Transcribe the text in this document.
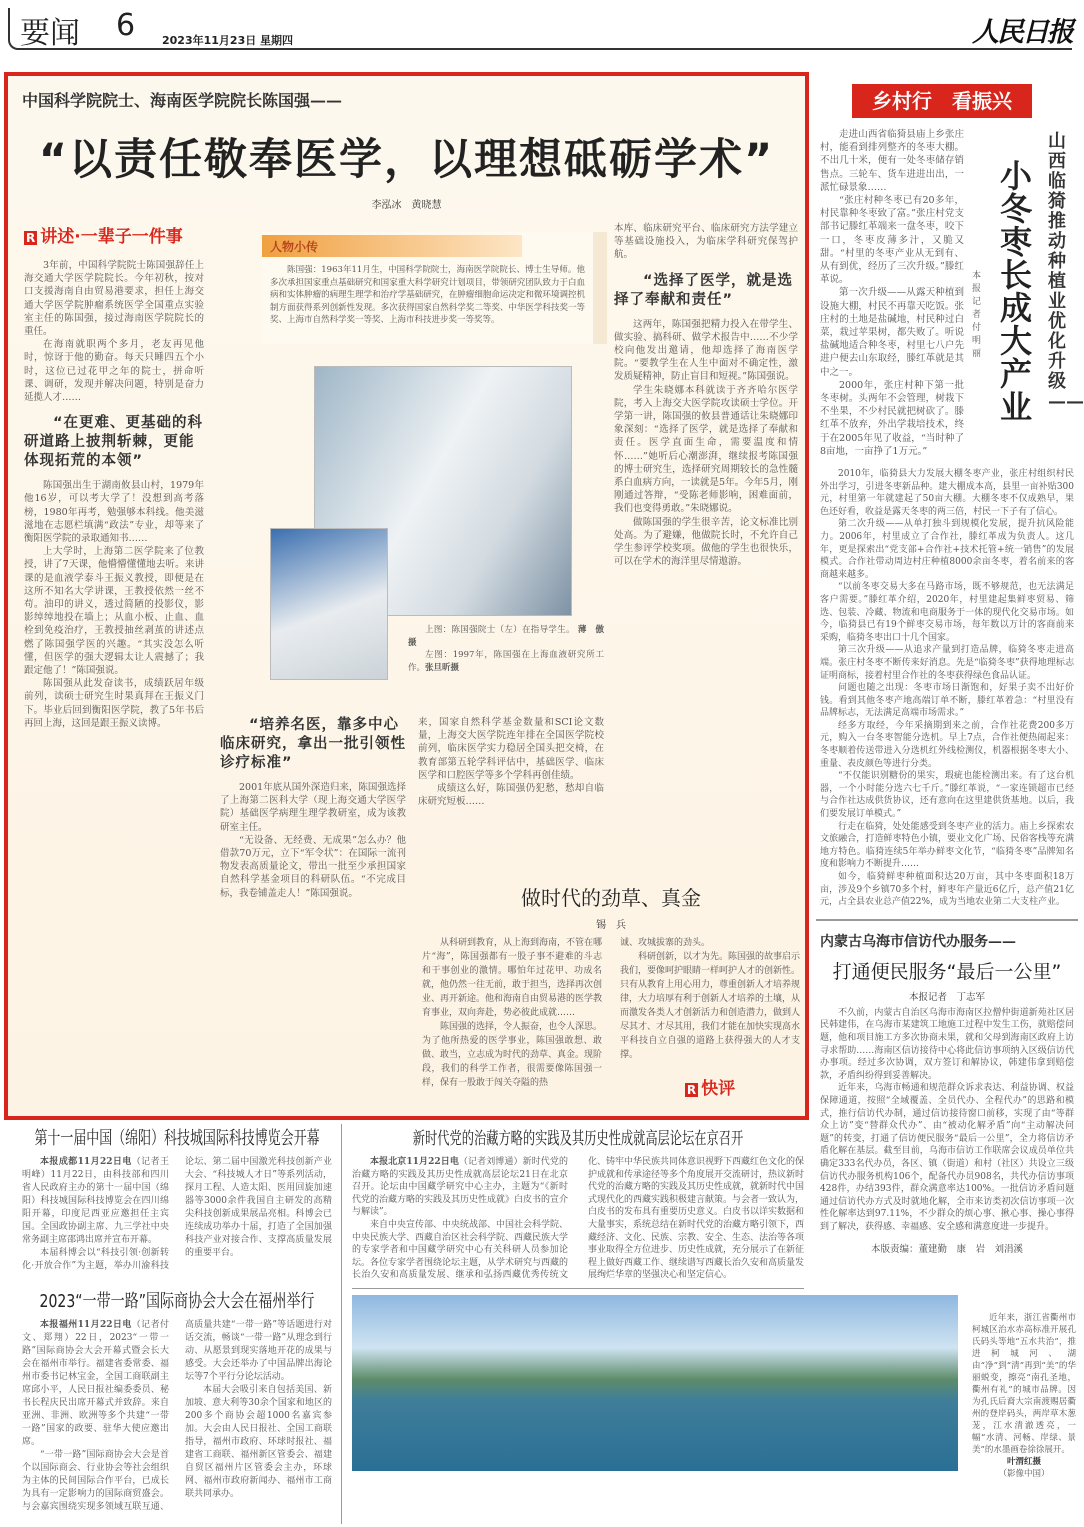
要闻 6 2023年11月23日 星期四	人民日报
中国科学院院士、海南医学院院长陈国强——
“以责任敬奉医学，以理想砥砺学术”
李泓冰　黄晓慧
R 讲述·一辈子一件事

3年前，中国科学院院士陈国强辞任上海交通大学医学院院长。今年初秋，按对口支援海南自由贸易港要求，担任上海交通大学医学院肿瘤系统医学全国重点实验室主任的陈国强，接过海南医学院院长的重任。

在海南就职两个多月，老友再见他时，惊讶于他的勤奋。每天只睡四五个小时，这位已过花甲之年的院士，拼命听课、调研，发现并解决问题，特别是奋力延揽人才……

“在更难、更基础的科研道路上披荆斩棘，更能体现拓荒的本领”

陈国强出生于湖南攸县山村，1979年他16岁，可以考大学了！没想到高考落榜，1980年再考，勉强够本科线。他美滋滋地在志愿栏填满“政法”专业，却等来了衡阳医学院的录取通知书……

上大学时，上海第二医学院来了位教授，讲了7天课，他懵懵懂懂地去听。来讲课的是血液学泰斗王振义教授，即便是在这所不知名大学讲课，王教授依然一丝不苟。油印的讲义，透过简陋的投影仪，影影绰绰地投在墙上；从血小板、止血、血栓到免疫治疗，王教授抽丝剥茧的讲述点燃了陈国强学医的兴趣。“其实没怎么听懂，但医学的强大逻辑太让人震撼了；我跟定他了！”陈国强说。

陈国强从此发奋读书，成绩跃居年级前列，读硕士研究生时果真拜在王振义门下。毕业后回到衡阳医学院，教了5年书后再回上海，这回是跟王振义读博。

人物小传

陈国强：1963年11月生，中国科学院院士，海南医学院院长、博士生导师。他多次承担国家重点基础研究和国家重大科学研究计划项目，带领研究团队致力于白血病和实体肿瘤的病理生理学和治疗学基础研究，在肿瘤细胞命运决定和微环境调控机制方面获得系列创新性发现。多次获得国家自然科学奖二等奖、中华医学科技奖一等奖、上海市自然科学奖一等奖、上海市科技进步奖一等奖等。

上图：陈国强院士（左）在指导学生。 薄　傲摄

左图：1997年，陈国强在上海血液研究所工作。张旦昕摄

“培养名医，靠多中心临床研究，拿出一批引领性诊疗标准”

2001年底从国外深造归来，陈国强选择了上海第二医科大学（现上海交通大学医学院）基础医学病理生理学教研室，成为该教研室主任。

“无设备、无经费、无成果”怎么办？他借款70万元，立下“军令状”：在国际一流刊物发表高质量论文，带出一批至少承担国家自然科学基金项目的科研队伍。“不完成目标，我卷铺盖走人！”陈国强说。

来，国家自然科学基金数量和SCI论文数量，上海交大医学院连年排在全国医学院校前列，临床医学实力稳居全国头把交椅，在教育部第五轮学科评估中，基础医学、临床医学和口腔医学等多个学科再创佳绩。

成绩这么好，陈国强仍犯愁，愁却自临床研究短板……

本库、临床研究平台、临床研究方法学建立等基础设施投入，为临床学科研究保驾护航。

“选择了医学，就是选择了奉献和责任”

这两年，陈国强把精力投入在带学生、做实验、搞科研、做学术报告中……不少学校向他发出邀请，他却选择了海南医学院。“要教学生在人生中面对不确定性，激发质疑精神，防止盲目和短视。”陈国强说。

学生朱晓娜本科就读于齐齐哈尔医学院，考入上海交大医学院攻读硕士学位。开学第一讲，陈国强的攸县普通话让朱晓娜印象深刻：“选择了医学，就是选择了奉献和责任。医学直面生命，需要温度和情怀……”她听后心潮澎湃，继续报考陈国强的博士研究生，选择研究周期较长的急性髓系白血病方向，一读就是5年。今年5月，刚刚通过答辩，“受陈老师影响，困难面前，我们也变得勇敢。”朱晓娜说。

做陈国强的学生很辛苦，论文标准比别处高。为了避嫌，他做院长时，不允许自己学生参评学校奖项。做他的学生也很快乐，可以在学术的海洋里尽情遨游。

做时代的劲草、真金
锡　兵

从科研到教育，从上海到海南，不管在哪片“海”，陈国强都有一股子事不避难的斗志和干事创业的激情。哪怕年过花甲、功成名就，他仍然一往无前，敢于担当，选择再次创业、再开新途。他和海南自由贸易港的医学教育事业，双向奔赴，势必彼此成就……

陈国强的选择，令人振奋，也令人深思。为了他所热爱的医学事业，陈国强敢想、敢做、敢当，立志成为时代的劲草、真金。现阶段，我们的科学工作者，很需要像陈国强一样，保有一股敢于闯关夺隘的热

诚、攻城拔寨的劲头。

科研创新，以才为先。陈国强的故事启示我们，要像呵护眼睛一样呵护人才的创新性。只有从教育上用心用力，尊重创新人才培养规律，大力培厚有利于创新人才培养的土壤，从而激发各类人才创新活力和创造潜力，做到人尽其才、才尽其用，我们才能在加快实现高水平科技自立自强的道路上获得强大的人才支撑。

R 快评
乡村行　看振兴
山西临猗推动种植业优化升级——
小冬枣长成大产业
本报记者　付明丽

走进山西省临猗县庙上乡张庄村，能看到排列整齐的冬枣大棚。不出几十米，便有一处冬枣储存销售点。三轮车、货车进进出出，一派忙碌景象……

“张庄村种冬枣已有20多年，村民靠种冬枣致了富。”张庄村党支部书记滕红革端来一盘冬枣，咬下一口，冬枣皮薄多汁，又脆又甜。“村里的冬枣产业从无到有、从有到优，经历了三次升级。”滕红革说。

第一次升级——从露天种植到设施大棚，村民不再靠天吃饭。张庄村的土地是盐碱地，村民种过白菜，栽过苹果树，都失败了。听说盐碱地适合种冬枣，村里七八户先进户便去山东取经，滕红革就是其中之一。

2000年，张庄村种下第一批冬枣树。头两年不会管理，树栽下不坐果，不少村民就把树砍了。滕红革不放弃，外出学栽培技术，终于在2005年见了收益，“当时种了8亩地，一亩挣了1万元。”

2010年，临猗县大力发展大棚冬枣产业，张庄村组织村民外出学习，引进冬枣新品种。建大棚成本高，县里一亩补贴300元，村里第一年就建起了50亩大棚。大棚冬枣不仅成熟早，果色还好看，收益是露天冬枣的两三倍，村民一下子有了信心。

第二次升级——从单打独斗到规模化发展，提升抗风险能力。2006年，村里成立了合作社，滕红革成为负责人。这几年，更是探索出“党支部+合作社+技术托管+统一销售”的发展模式。合作社带动周边村庄种植8000余亩冬枣，着名前来的客商越来越多。

“以前冬枣交易大多在马路市场，既不够规范，也无法满足客户需要。”滕红革介绍，2020年，村里建起集鲜枣贸易、筛选、包装、冷藏、物流和电商服务于一体的现代化交易市场。如今，临猗县已有19个鲜枣交易市场，每年数以万计的客商前来采购，临猗冬枣出口十几个国家。

第三次升级——从追求产量到打造品牌，临猗冬枣走进高端。张庄村冬枣不断传来好消息。先是“临猗冬枣”获得地理标志证明商标，接着村里合作社的冬枣获得绿色食品认证。

问题也随之出现：冬枣市场日渐饱和，好果子卖不出好价钱。看到其他冬枣产地高端订单不断，滕红革着急：“村里没有品牌标志，无法满足高端市场需求。”

经多方取经，今年采摘期到来之前，合作社花费200多万元，购入一台冬枣智能分选机。早上7点，合作社便热闹起来：冬枣顺着传送带进入分选机红外线检测仪，机器根据冬枣大小、重量、表皮颜色等进行分类。

“不仅能识别糖份的果实，瑕疵也能检测出来。有了这台机器，一个小时能分选六七千斤。”滕红革说，“一家连锁超市已经与合作社达成供货协议，还有意向在这里建供货基地。以后，我们要发展订单模式。”

行走在临猗，处处能感受到冬枣产业的活力。庙上乡探索农文旅融合，打造鲜枣特色小镇，要业文化广场、民俗客栈等充满地方特色。临猗连续5年举办鲜枣文化节，“临猗冬枣”品牌知名度和影响力不断提升……

如今，临猗鲜枣种植面积达20万亩，其中冬枣面积18万亩，涉及9个乡镇70多个村，鲜枣年产量近6亿斤，总产值21亿元，占全县农业总产值22%，成为当地农业第二大支柱产业。

内蒙古乌海市信访代办服务——
打通便民服务“最后一公里”
本报记者　丁志军

不久前，内蒙古自治区乌海市海南区拉僧仲街道新苑社区居民韩建伟，在乌海市某建筑工地施工过程中发生工伤，就赔偿问题，他和项目施工方多次协商未果，就和父母到海南区政府上访寻求帮助……海南区信访接待中心将此信访事项纳入区级信访代办事项。经过多次协调，双方签订和解协议，韩建伟拿到赔偿款，矛盾纠纷得到妥善解决。

近年来，乌海市畅通和规范群众诉求表达、利益协调、权益保障通道，按照“全域覆盖、全员代办、全程代办”的思路和模式，推行信访代办制，通过信访接待窗口前移，实现了由“等群众上访”变“替群众代办”、由“被动化解矛盾”向“主动解决问题”的转变，打通了信访便民服务“最后一公里”，全力将信访矛盾化解在基层。截至目前，乌海市信访工作联席会议成员单位共确定333名代办员，各区、镇（街道）和村（社区）共设立三级信访代办服务机构106个，配备代办员908名，共代办信访事项428件，办结393件，群众满意率达100%。一批信访矛盾问题通过信访代办方式及时就地化解，全市来访类初次信访事项一次性化解率达到97.11%，不少群众的烦心事、揪心事、操心事得到了解决，获得感、幸福感、安全感和满意度进一步提升。

本版责编：董建勤　康　岩　刘涓溪
第十一届中国（绵阳）科技城国际科技博览会开幕

本报成都11月22日电（记者王明峰）11月22日，由科技部和四川省人民政府主办的第十一届中国（绵阳）科技城国际科技博览会在四川绵阳开幕，印度尼西亚应邀担任主宾国。全国政协副主席、九三学社中央常务副主席邵鸿出席并宣布开幕。

本届科博会以“科技引领·创新转化·开放合作”为主题，举办川渝科技论坛、第二届中国激光科技创新产业大会、“科技城人才日”等系列活动，探月工程、人造太阳、医用回旋加速器等3000余件我国自主研发的高精尖科技创新成果展品亮相。科博会已连续成功举办十届，打造了全国加强科技产业对接合作、支撑高质量发展的重要平台。

2023“一带一路”国际商协会大会在福州举行

本报福州11月22日电（记者付文、郑翔）22日，2023“一带一路”国际商协会大会开幕式暨会长大会在福州市举行。福建省委常委、福州市委书记林宝金，全国工商联副主席邱小平，人民日报社编委委员、秘书长程庆民出席开幕式并致辞。来自亚洲、非洲、欧洲等多个共建“一带一路”国家的政要、驻华大使应邀出席。

“一带一路”国际商协会大会是首个以国际商会、行业协会等社会组织为主体的民间国际合作平台，已成长为具有一定影响力的国际商贸盛会。与会嘉宾围绕实现多领域互联互通、高质量共建“一带一路”等话题进行对话交流，畅谈“一带一路”从理念到行动、从愿景到现实落地开花的成果与感受。大会还举办了中国品牌出海论坛等7个平行分论坛活动。

本届大会吸引来自包括美国、新加坡、意大利等30余个国家和地区的200多个商协会超1000名嘉宾参加。大会由人民日报社、全国工商联指导，福州市政府、环球时报社、福建省工商联、福州新区管委会、福建自贸区福州片区管委会主办，环球网、福州市政府新闻办、福州市工商联共同承办。

新时代党的治藏方略的实践及其历史性成就高层论坛在京召开

本报北京11月22日电（记者刘博通）新时代党的治藏方略的实践及其历史性成就高层论坛21日在北京召开。论坛由中国藏学研究中心主办，主题为“《新时代党的治藏方略的实践及其历史性成就》白皮书的宣介与解读”。

来自中央宣传部、中央统战部、中国社会科学院、中央民族大学、西藏自治区社会科学院、西藏民族大学的专家学者和中国藏学研究中心有关科研人员参加论坛。各位专家学者围绕论坛主题，从学术研究与西藏的长治久安和高质量发展、继承和弘扬西藏优秀传统文化、铸牢中华民族共同体意识视野下西藏红色文化的保护成就和传承途径等多个角度展开交流研讨，热议新时代党的治藏方略的实践及其历史性成就，就新时代中国式现代化的西藏实践积极建言献策。与会者一致认为，白皮书的发布具有重要历史意义。白皮书以详实数据和大量事实，系统总结在新时代党的治藏方略引领下，西藏经济、文化、民族、宗教、安全、生态、法治等各项事业取得全方位进步、历史性成就，充分展示了在新征程上做好西藏工作、继续谱写西藏长治久安和高质量发展绚烂华章的坚强决心和坚定信心。

近年来，浙江省衢州市柯城区治水赤高标准开展孔氏码头等地“五水共治”，推进柯城河、湖由“净”到“清”再到“美”的华丽蜕变，擦亮“南孔圣地，衢州有礼”的城市品牌。因为孔氏后裔大宗南渡赐居衢州的登岸码头，两岸草木葱茏，江水清澈透亮，一幅“水清、河畅、岸绿、景美”的水墨画卷徐徐展开。

叶渭红摄
（影像中国）
